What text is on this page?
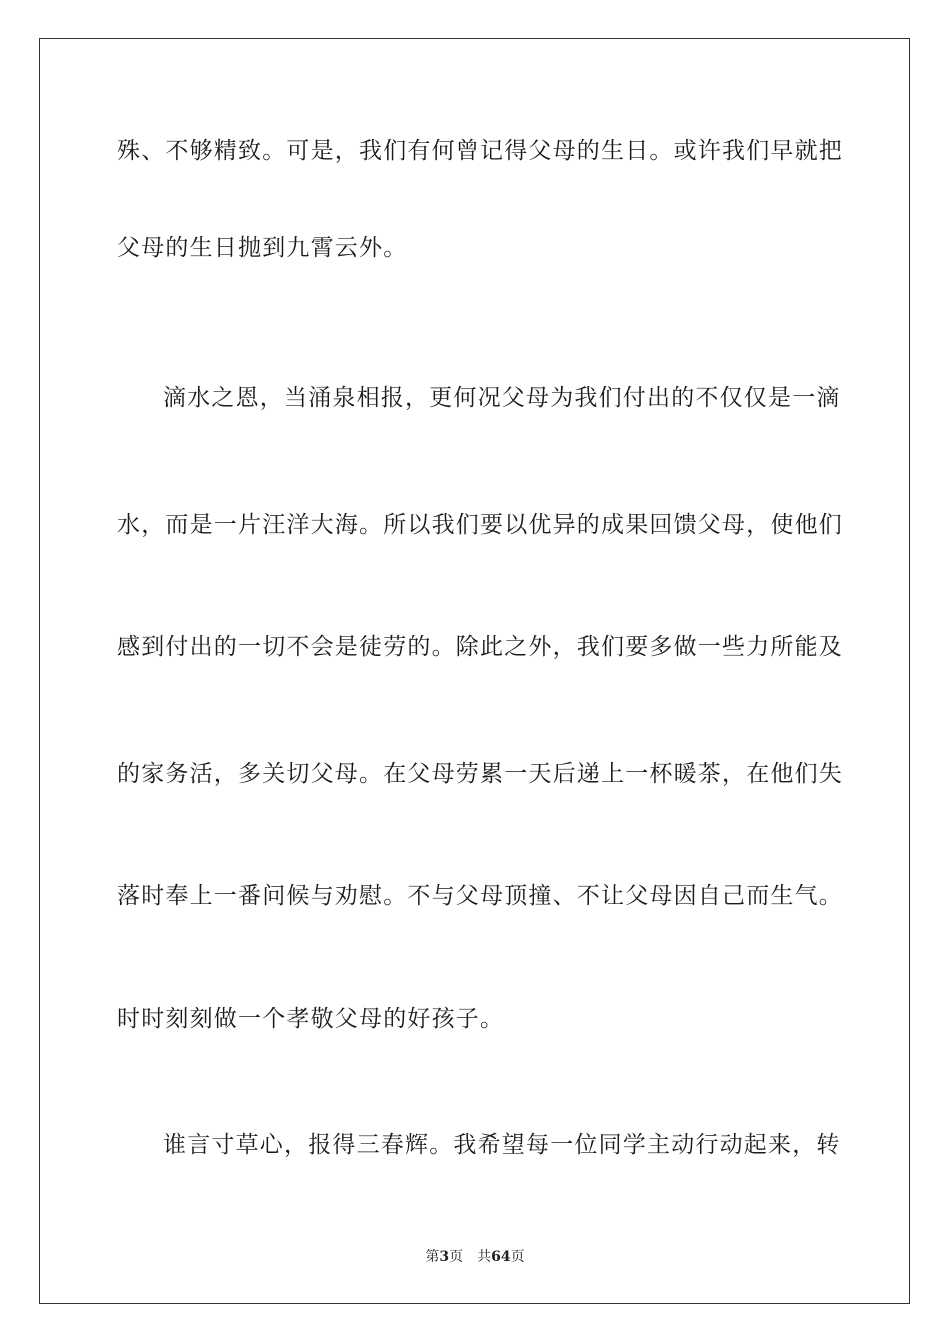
殊、不够精致。可是，我们有何曾记得父母的生日。或许我们早就把
父母的生日抛到九霄云外。
滴水之恩，当涌泉相报，更何况父母为我们付出的不仅仅是一滴
水，而是一片汪洋大海。所以我们要以优异的成果回馈父母，使他们
感到付出的一切不会是徒劳的。除此之外，我们要多做一些力所能及
的家务活，多关切父母。在父母劳累一天后递上一杯暖茶，在他们失
落时奉上一番问候与劝慰。不与父母顶撞、不让父母因自己而生气。
时时刻刻做一个孝敬父母的好孩子。
谁言寸草心，报得三春辉。我希望每一位同学主动行动起来，转
第3页 共64页
